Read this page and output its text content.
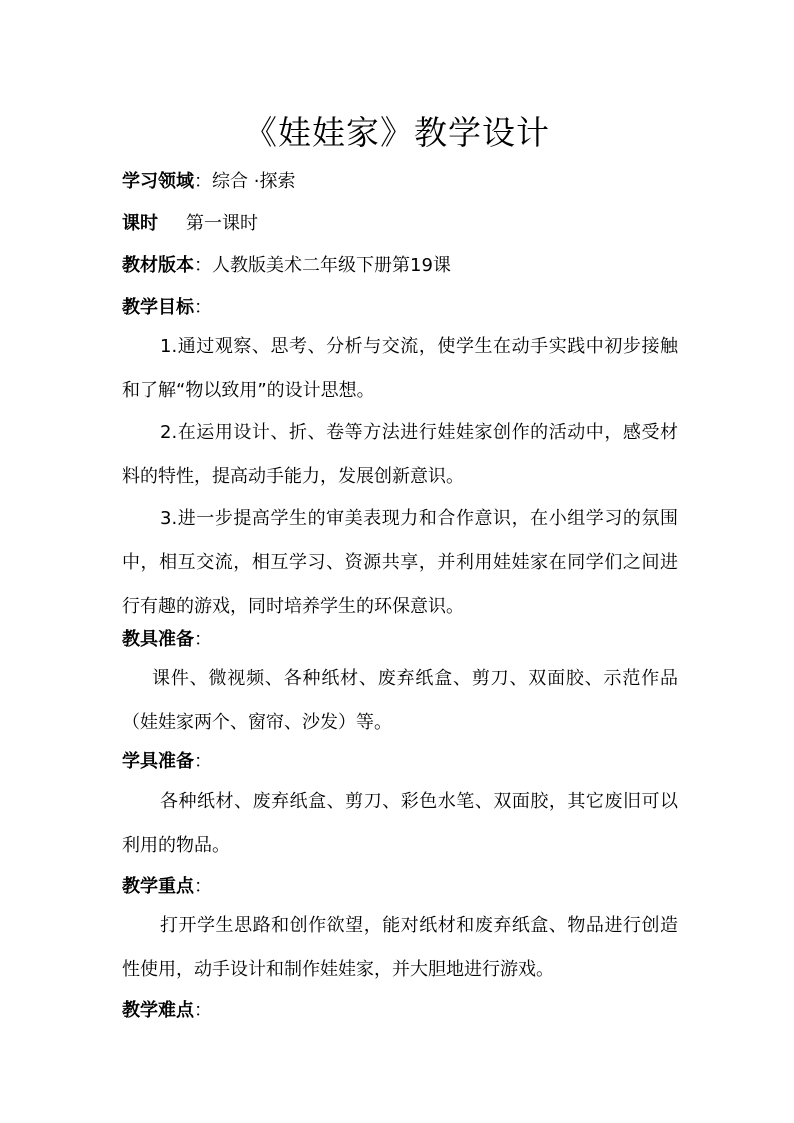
《娃娃家》教学设计
学习领域：综合 ·探索
课时 第一课时
教材版本：人教版美术二年级下册第19课
教学目标：

1.通过观察、思考、分析与交流，使学生在动手实践中初步接触和了解“物以致用”的设计思想。

2.在运用设计、折、卷等方法进行娃娃家创作的活动中，感受材料的特性，提高动手能力，发展创新意识。

3.进一步提高学生的审美表现力和合作意识，在小组学习的氛围中，相互交流，相互学习、资源共享，并利用娃娃家在同学们之间进行有趣的游戏，同时培养学生的环保意识。

教具准备：

课件、微视频、各种纸材、废弃纸盒、剪刀、双面胶、示范作品（娃娃家两个、窗帘、沙发）等。

学具准备：

各种纸材、废弃纸盒、剪刀、彩色水笔、双面胶，其它废旧可以利用的物品。

教学重点：

打开学生思路和创作欲望，能对纸材和废弃纸盒、物品进行创造性使用，动手设计和制作娃娃家，并大胆地进行游戏。

教学难点：
